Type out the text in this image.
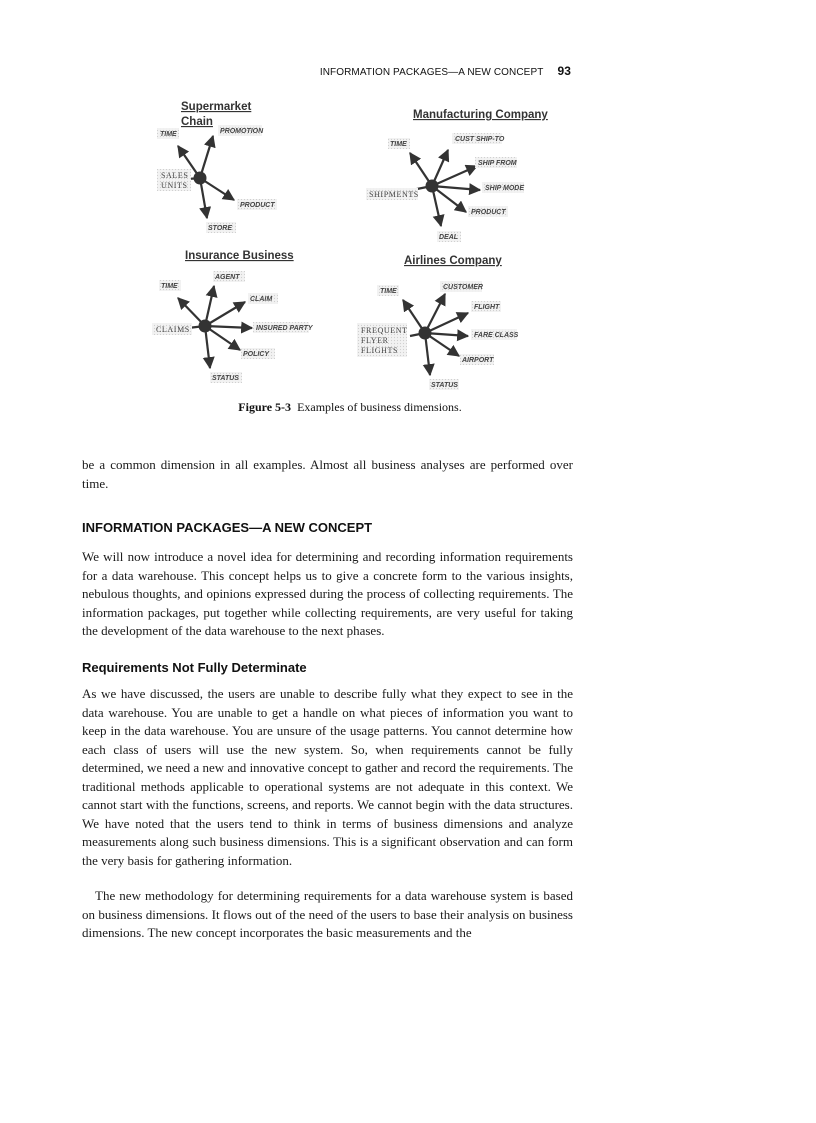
INFORMATION PACKAGES—A NEW CONCEPT 93
Supermarket
Chain
TIME	PROMOTION
PRODUCT
STORE
SALES
UNITS
Manufacturing Company
TIME
CUST SHIP-TO
SHIP FROM
SHIP MODE
PRODUCT
DEAL
SHIPMENTS
Insurance Business
TIME
AGENT
CLAIM
INSURED PARTY
POLICY
STATUS
CLAIMS
Airlines Company
TIME
CUSTOMER
FLIGHT
FARE CLASS
AIRPORT
STATUS
FREQUENT
FLYER
FLIGHTS
Figure 5-3 Examples of business dimensions.

be a common dimension in all examples. Almost all business analyses are performed over time.

INFORMATION PACKAGES—A NEW CONCEPT

We will now introduce a novel idea for determining and recording information requirements for a data warehouse. This concept helps us to give a concrete form to the various insights, nebulous thoughts, and opinions expressed during the process of collecting requirements. The information packages, put together while collecting requirements, are very useful for taking the development of the data warehouse to the next phases.

Requirements Not Fully Determinate

As we have discussed, the users are unable to describe fully what they expect to see in the data warehouse. You are unable to get a handle on what pieces of information you want to keep in the data warehouse. You are unsure of the usage patterns. You cannot determine how each class of users will use the new system. So, when requirements cannot be fully determined, we need a new and innovative concept to gather and record the requirements. The traditional methods applicable to operational systems are not adequate in this context. We cannot start with the functions, screens, and reports. We cannot begin with the data structures. We have noted that the users tend to think in terms of business dimensions and analyze measurements along such business dimensions. This is a significant observation and can form the very basis for gathering information.

The new methodology for determining requirements for a data warehouse system is based on business dimensions. It flows out of the need of the users to base their analysis on business dimensions. The new concept incorporates the basic measurements and the
